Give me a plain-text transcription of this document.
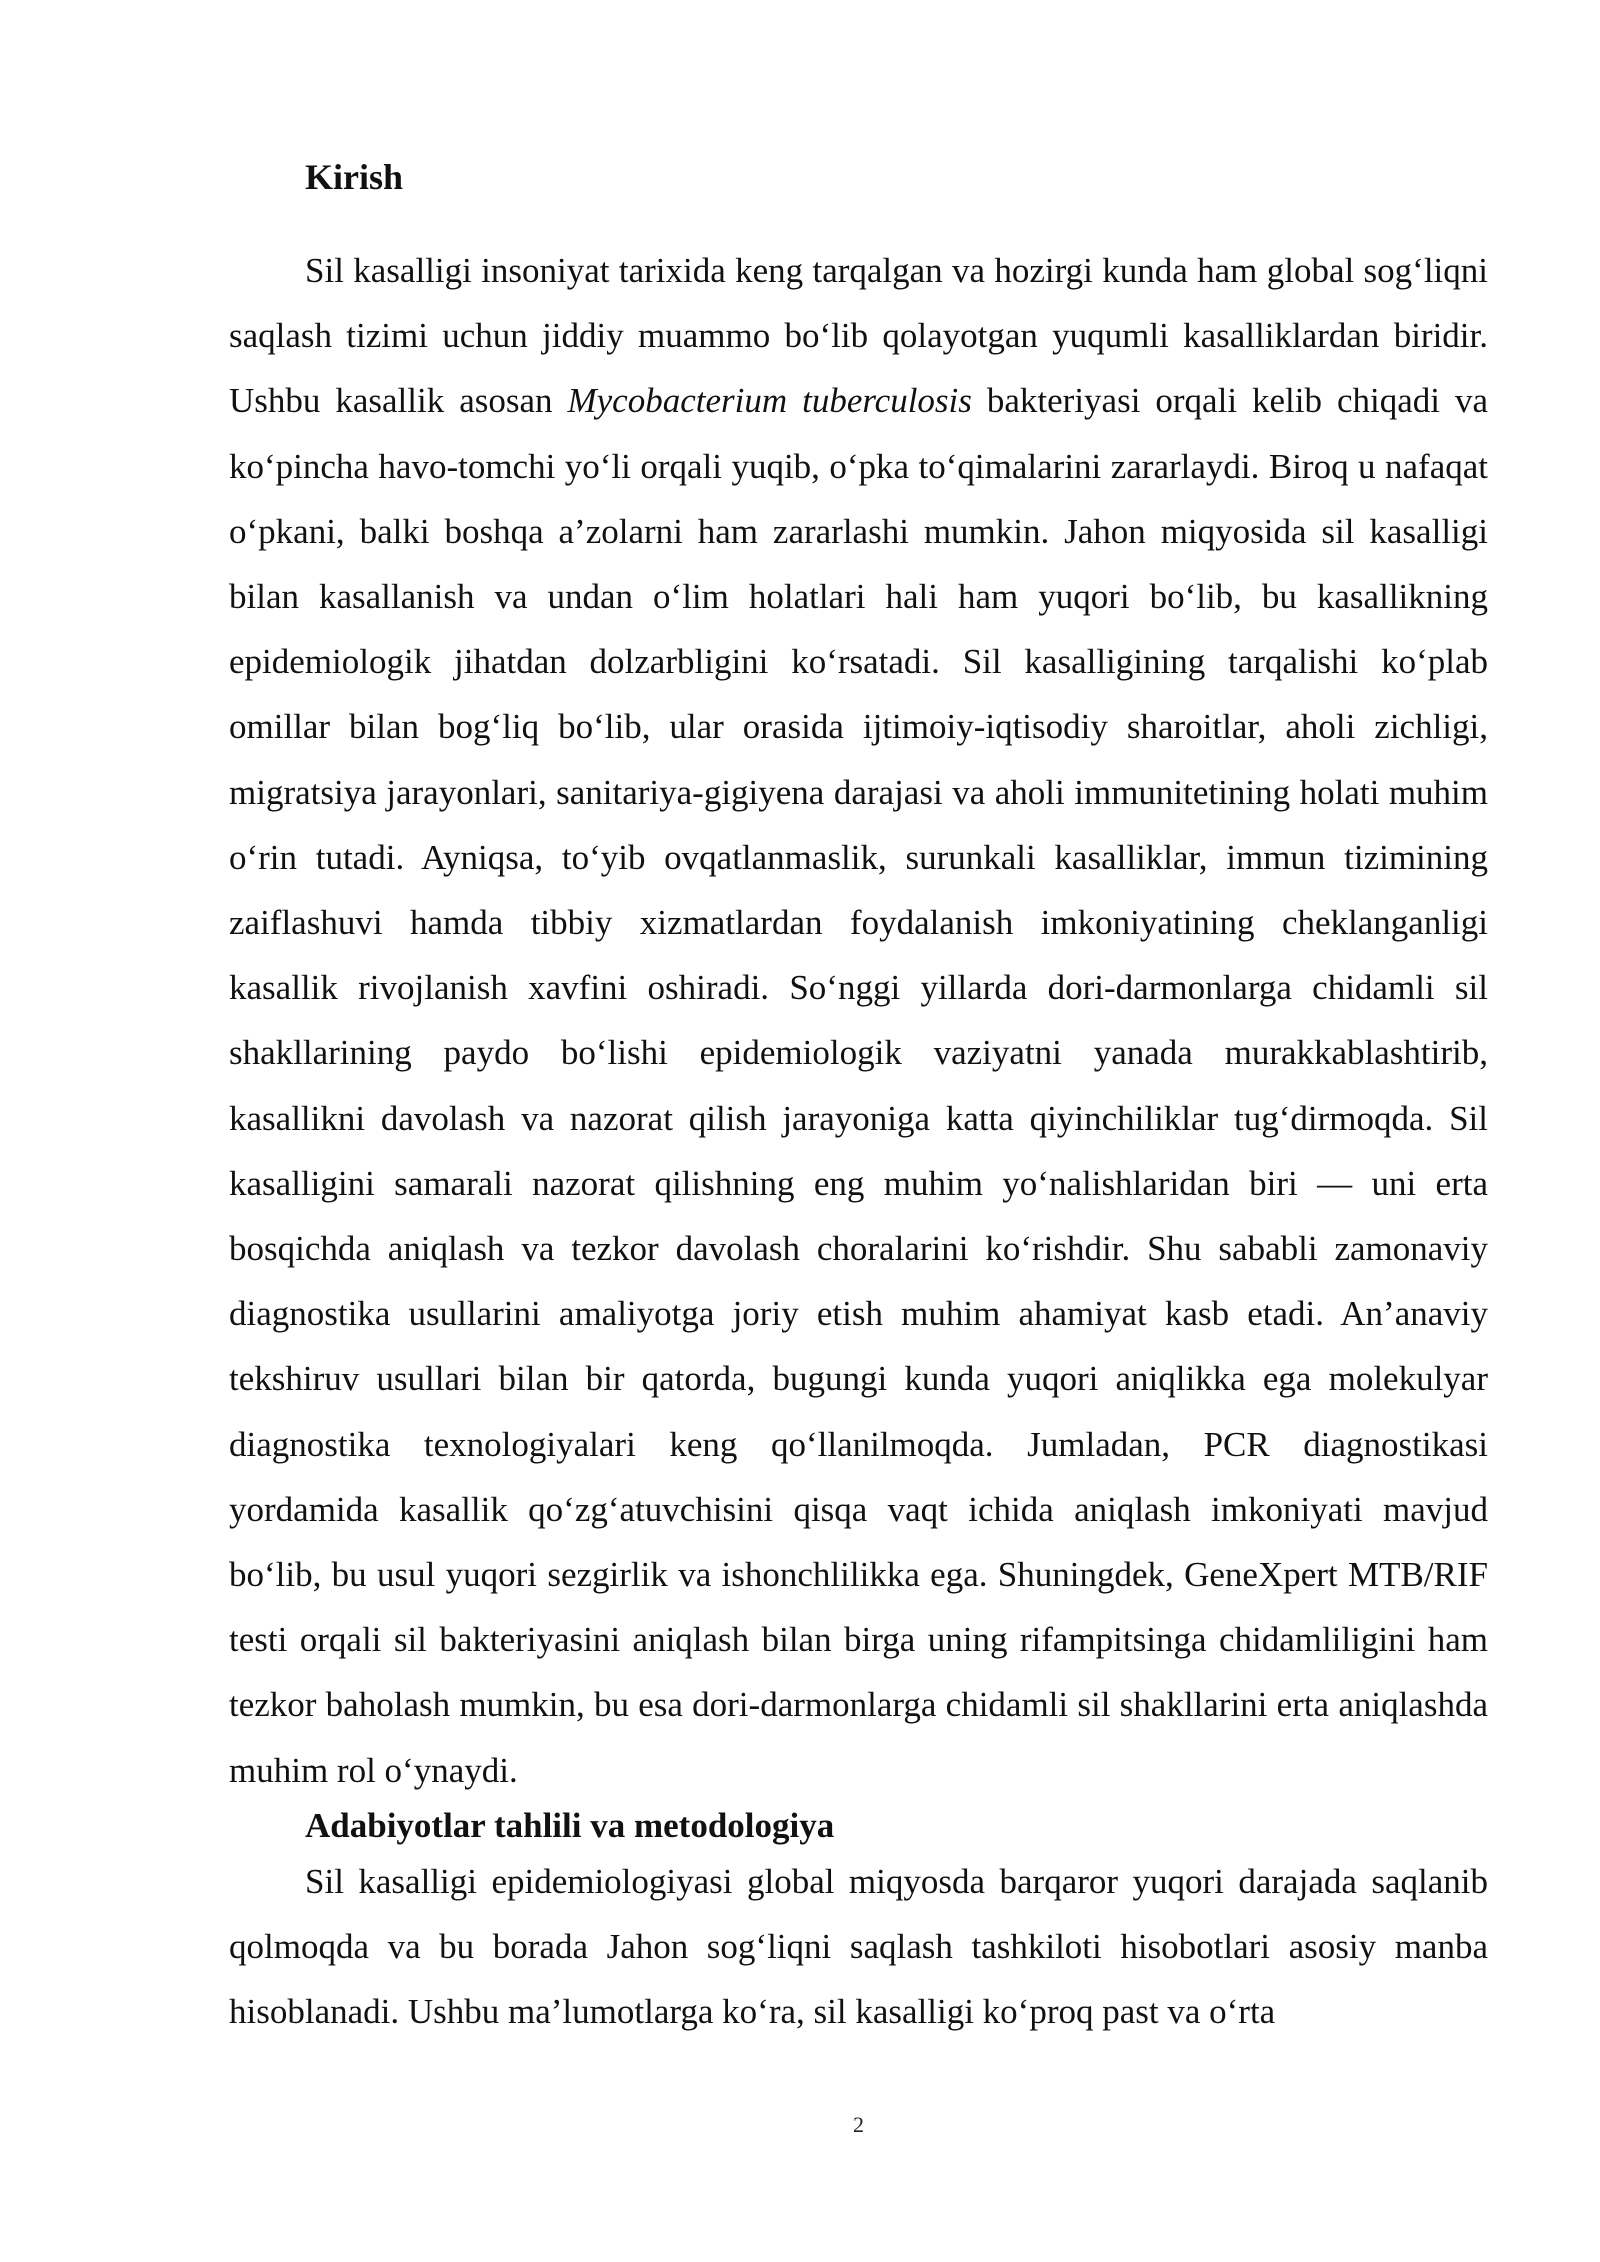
Kirish

Sil kasalligi insoniyat tarixida keng tarqalgan va hozirgi kunda ham global sog‘liqni saqlash tizimi uchun jiddiy muammo bo‘lib qolayotgan yuqumli kasalliklardan biridir. Ushbu kasallik asosan Mycobacterium tuberculosis bakteriyasi orqali kelib chiqadi va ko‘pincha havo-tomchi yo‘li orqali yuqib, o‘pka to‘qimalarini zararlaydi. Biroq u nafaqat o‘pkani, balki boshqa a’zolarni ham zararlashi mumkin. Jahon miqyosida sil kasalligi bilan kasallanish va undan o‘lim holatlari hali ham yuqori bo‘lib, bu kasallikning epidemiologik jihatdan dolzarbligini ko‘rsatadi. Sil kasalligining tarqalishi ko‘plab omillar bilan bog‘liq bo‘lib, ular orasida ijtimoiy-iqtisodiy sharoitlar, aholi zichligi, migratsiya jarayonlari, sanitariya-gigiyena darajasi va aholi immunitetining holati muhim o‘rin tutadi. Ayniqsa, to‘yib ovqatlanmaslik, surunkali kasalliklar, immun tizimining zaiflashuvi hamda tibbiy xizmatlardan foydalanish imkoniyatining cheklanganligi kasallik rivojlanish xavfini oshiradi. So‘nggi yillarda dori-darmonlarga chidamli sil shakllarining paydo bo‘lishi epidemiologik vaziyatni yanada murakkablashtirib, kasallikni davolash va nazorat qilish jarayoniga katta qiyinchiliklar tug‘dirmoqda. Sil kasalligini samarali nazorat qilishning eng muhim yo‘nalishlaridan biri — uni erta bosqichda aniqlash va tezkor davolash choralarini ko‘rishdir. Shu sababli zamonaviy diagnostika usullarini amaliyotga joriy etish muhim ahamiyat kasb etadi. An’anaviy tekshiruv usullari bilan bir qatorda, bugungi kunda yuqori aniqlikka ega molekulyar diagnostika texnologiyalari keng qo‘llanilmoqda. Jumladan, PCR diagnostikasi yordamida kasallik qo‘zg‘atuvchisini qisqa vaqt ichida aniqlash imkoniyati mavjud bo‘lib, bu usul yuqori sezgirlik va ishonchlilikka ega. Shuningdek, GeneXpert MTB/RIF testi orqali sil bakteriyasini aniqlash bilan birga uning rifampitsinga chidamliligini ham tezkor baholash mumkin, bu esa dori-darmonlarga chidamli sil shakllarini erta aniqlashda muhim rol o‘ynaydi.

Adabiyotlar tahlili va metodologiya

Sil kasalligi epidemiologiyasi global miqyosda barqaror yuqori darajada saqlanib qolmoqda va bu borada Jahon sog‘liqni saqlash tashkiloti hisobotlari asosiy manba hisoblanadi. Ushbu ma’lumotlarga ko‘ra, sil kasalligi ko‘proq past va o‘rta

2
